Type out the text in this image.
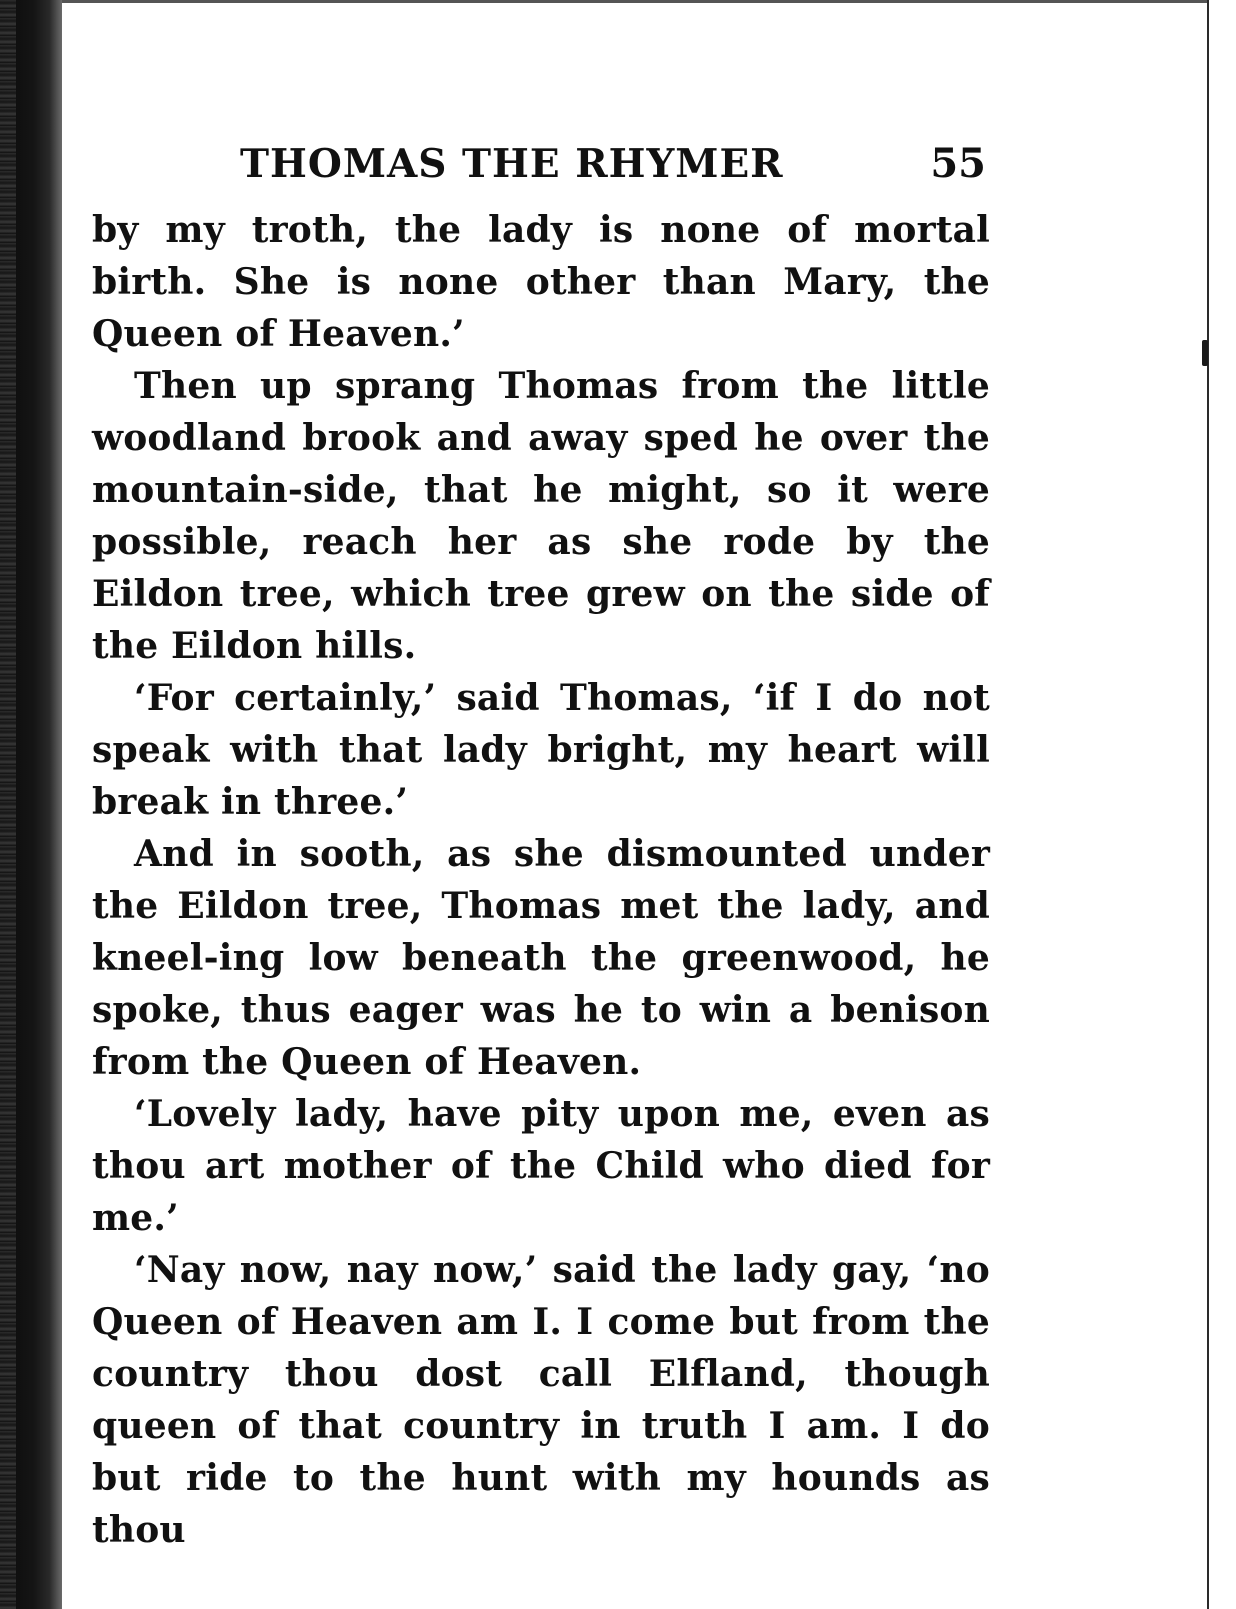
THOMAS THE RHYMER	55

by my troth, the lady is none of mortal birth. She is none other than Mary, the Queen of Heaven.’

Then up sprang Thomas from the little woodland brook and away sped he over the mountain-side, that he might, so it were possible, reach her as she rode by the Eildon tree, which tree grew on the side of the Eildon hills.

‘For certainly,’ said Thomas, ‘if I do not speak with that lady bright, my heart will break in three.’

And in sooth, as she dismounted under the Eildon tree, Thomas met the lady, and kneel-ing low beneath the greenwood, he spoke, thus eager was he to win a benison from the Queen of Heaven.

‘Lovely lady, have pity upon me, even as thou art mother of the Child who died for me.’

‘Nay now, nay now,’ said the lady gay, ‘no Queen of Heaven am I. I come but from the country thou dost call Elfland, though queen of that country in truth I am. I do but ride to the hunt with my hounds as thou
